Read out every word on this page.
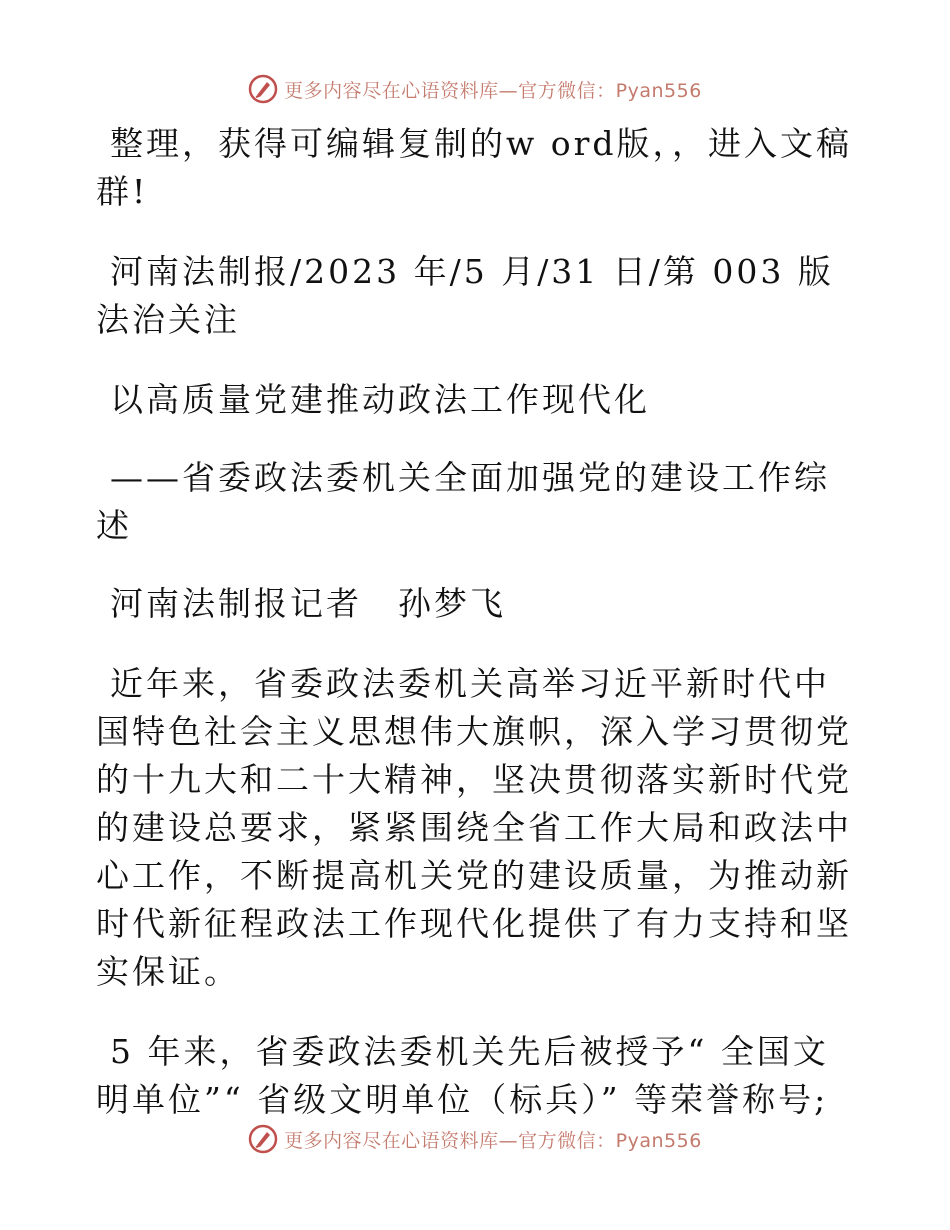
更多内容尽在心语资料库—官方微信：Pyan556

整理，获得可编辑复制的w ord版，，进入文稿群!

河南法制报/2023 年/5 月/31 日/第 003 版法治关注

以高质量党建推动政法工作现代化

——省委政法委机关全面加强党的建设工作综述

河南法制报记者　孙梦飞

近年来，省委政法委机关高举习近平新时代中国特色社会主义思想伟大旗帜，深入学习贯彻党的十九大和二十大精神，坚决贯彻落实新时代党的建设总要求，紧紧围绕全省工作大局和政法中心工作，不断提高机关党的建设质量，为推动新时代新征程政法工作现代化提供了有力支持和坚实保证。

5 年来，省委政法委机关先后被授予“ 全国文明单位”“ 省级文明单位（标兵）” 等荣誉称号;

更多内容尽在心语资料库—官方微信：Pyan556
